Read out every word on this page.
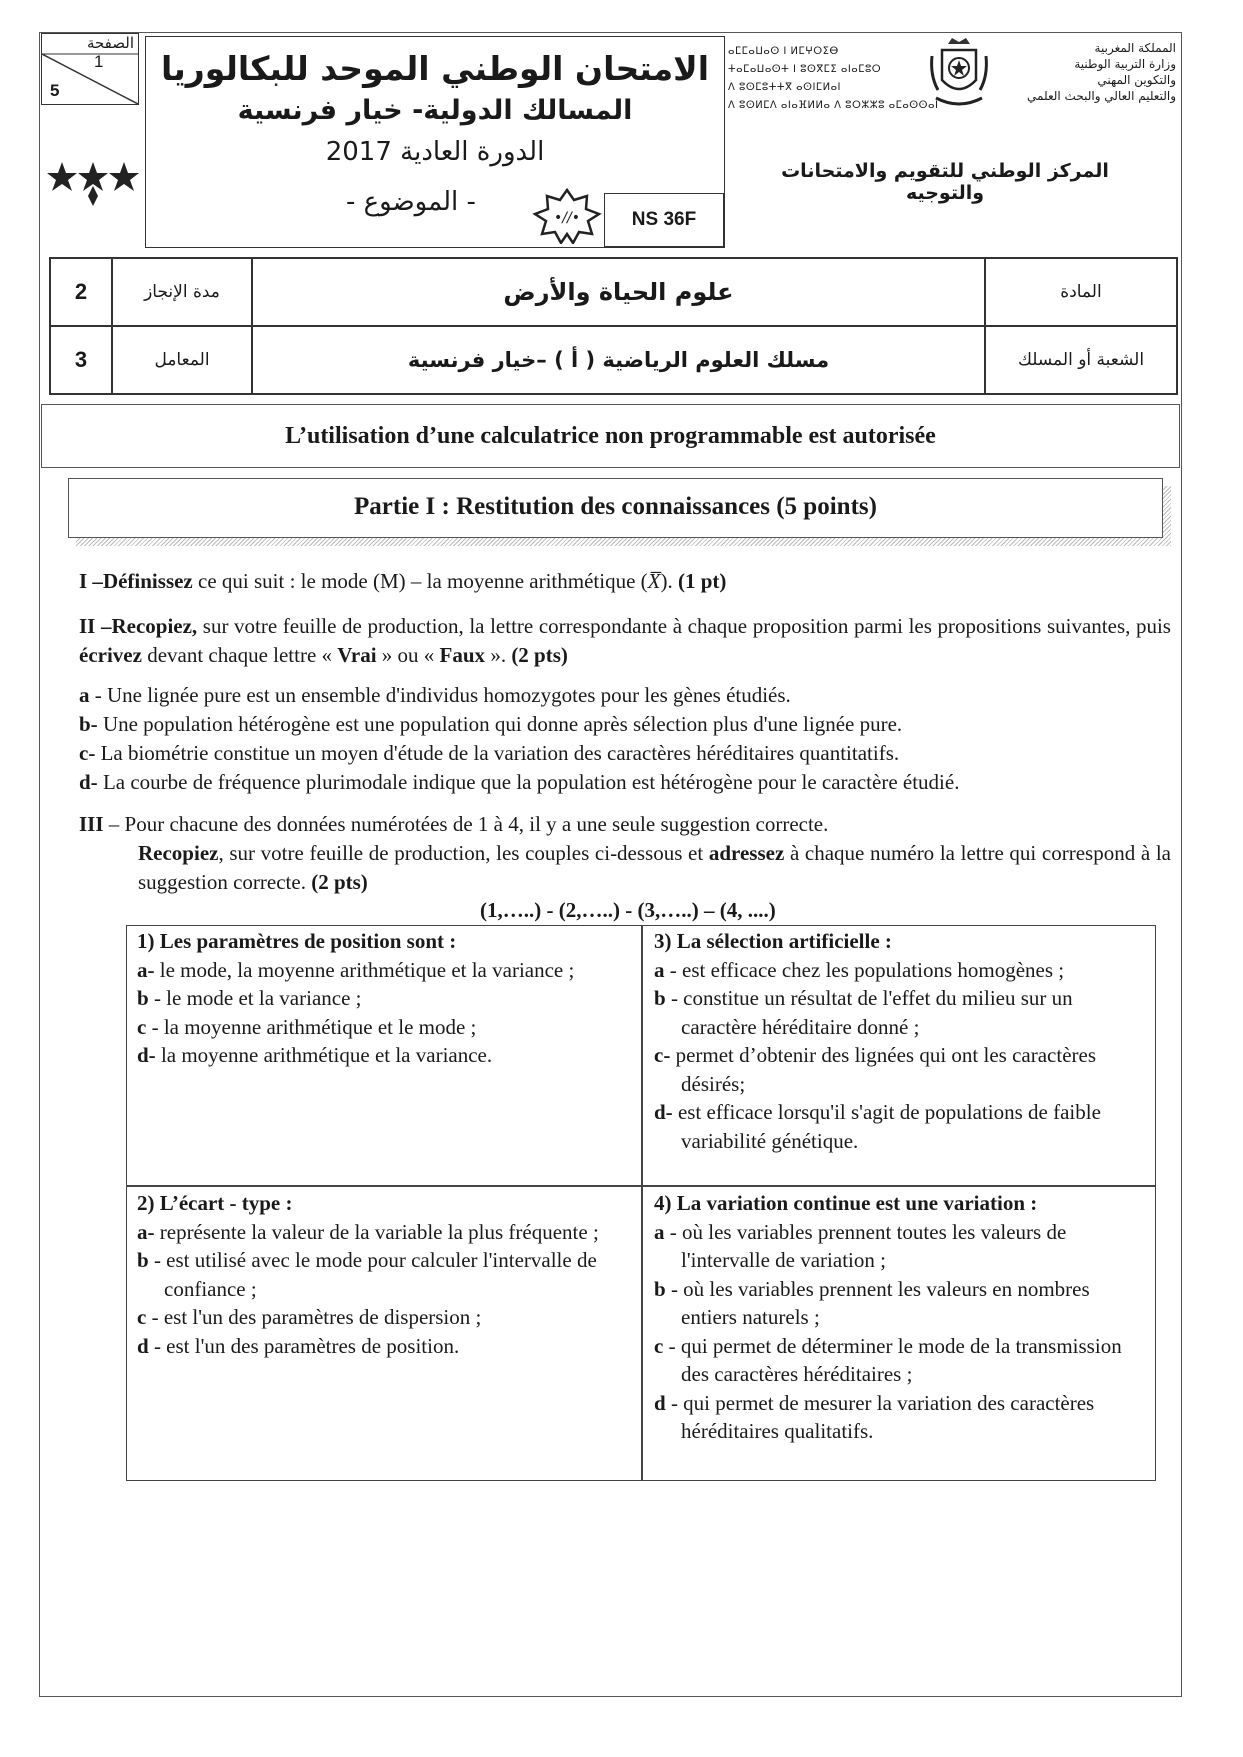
الصفحة
1
5
الامتحان الوطني الموحد للبكالوريا
المسالك الدولية- خيار فرنسية
الدورة العادية 2017
- الموضوع -
•//•	NS 36F
ⴰⵎⵎⴰⵡⴰⵙ ⵏ ⵍⵎⵖⵔⵉⴱ
ⵜⴰⵎⴰⵡⴰⵙⵜ ⵏ ⵓⵙⴳⵎⵉ ⴰⵏⴰⵎⵓⵔ
ⴷ ⵓⵙⵎⵓⵜⵜⴳ ⴰⵙⵏⵎⵍⴰⵏ
ⴷ ⵓⵙⵍⵎⴷ ⴰⵏⴰⴼⵍⵍⴰ ⴷ ⵓⵔⵣⵣⵓ ⴰⵎⴰⵙⵙⴰⵏ
المملكة المغربية
وزارة التربية الوطنية
والتكوين المهني
والتعليم العالي والبحث العلمي
المركز الوطني للتقويم والامتحانات والتوجيه
2	مدة الإنجاز	علوم الحياة والأرض	المادة
3	المعامل	مسلك العلوم الرياضية ( أ ) –خيار فرنسية	الشعبة أو المسلك
L’utilisation d’une calculatrice non programmable est autorisée
Partie I : Restitution des connaissances (5 points)
I –Définissez ce qui suit : le mode (M) – la moyenne arithmétique (X̅). (1 pt)
II –Recopiez, sur votre feuille de production, la lettre correspondante à chaque proposition parmi les propositions suivantes, puis écrivez devant chaque lettre « Vrai » ou « Faux ». (2 pts)
a - Une lignée pure est un ensemble d'individus homozygotes pour les gènes étudiés.
b- Une population hétérogène est une population qui donne après sélection plus d'une lignée pure.
c- La biométrie constitue un moyen d'étude de la variation des caractères héréditaires quantitatifs.
d- La courbe de fréquence plurimodale indique que la population est hétérogène pour le caractère étudié.
III – Pour chacune des données numérotées de 1 à 4, il y a une seule suggestion correcte.
Recopiez, sur votre feuille de production, les couples ci-dessous et adressez à chaque numéro la lettre qui correspond à la suggestion correcte. (2 pts)
(1,…..) - (2,…..) - (3,…..) – (4, ....)
1) Les paramètres de position sont :
a- le mode, la moyenne arithmétique et la variance ;
b - le mode et la variance ;
c - la moyenne arithmétique et le mode ;
d- la moyenne arithmétique et la variance.
3) La sélection artificielle :
a - est efficace chez les populations homogènes ;
b - constitue un résultat de l'effet du milieu sur un caractère héréditaire donné ;
c- permet d’obtenir des lignées qui ont les caractères désirés;
d- est efficace lorsqu'il s'agit de populations de faible variabilité génétique.
2) L’écart - type :
a- représente la valeur de la variable la plus fréquente ;
b - est utilisé avec le mode pour calculer l'intervalle de confiance ;
c - est l'un des paramètres de dispersion ;
d - est l'un des paramètres de position.
4) La variation continue est une variation :
a - où les variables prennent toutes les valeurs de l'intervalle de variation ;
b - où les variables prennent les valeurs en nombres entiers naturels ;
c - qui permet de déterminer le mode de la transmission des caractères héréditaires ;
d - qui permet de mesurer la variation des caractères héréditaires qualitatifs.
